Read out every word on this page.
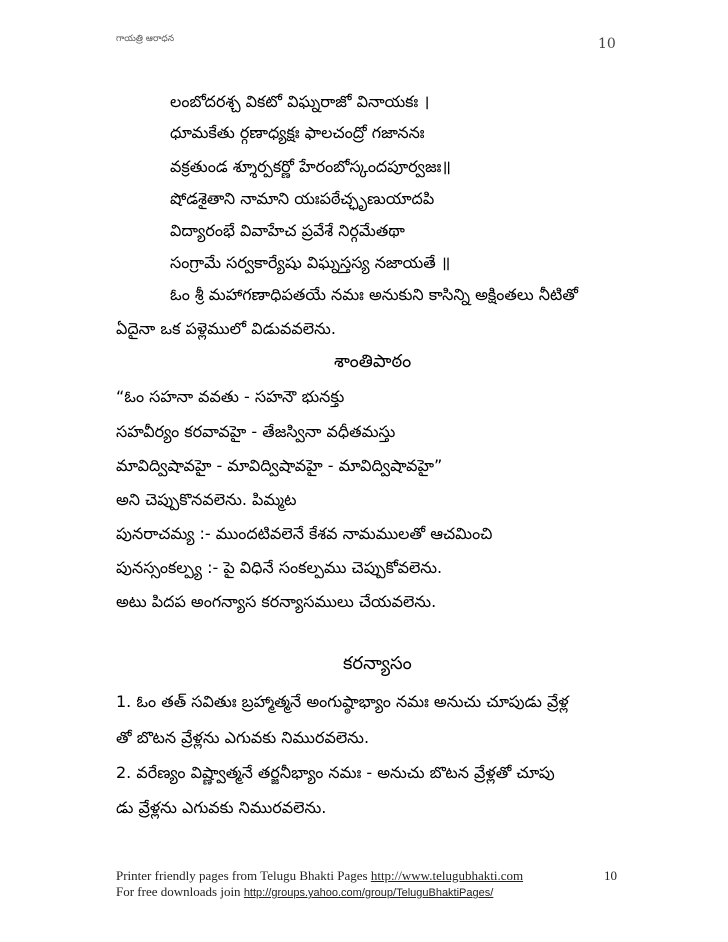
గాయత్రి ఆరాధన	10
లంబోదరశ్చ వికటో విఘ్నరాజో వినాయకః ।
ధూమకేతు ర్గణాధ్యక్షః ఫాలచంద్రో గజాననః
వక్రతుండ శ్శూర్పకర్ణో హేరంబోస్కందపూర్వజః॥
షోడశైతాని నామాని యఃపఠేచ్ఛృణుయాదపి
విద్యారంభే వివాహేచ ప్రవేశే నిర్గమేతథా
సంగ్రామే సర్వకార్యేషు విఘ్నస్తస్య నజాయతే ॥
ఓం శ్రీ మహాగణాధిపతయే నమః అనుకుని కాసిన్ని అక్షింతలు నీటితో
ఏదైనా ఒక పళ్లెములో విడువవలెను.
శాంతిపాఠం
“ఓం సహనా వవతు - సహనౌ భునక్తు
సహవీర్యం కరవావహై - తేజస్వినా వధీతమస్తు
మావిద్విషావహై - మావిద్విషావహై - మావిద్విషావహై”
అని చెప్పుకొనవలెను. పిమ్మట
పునరాచమ్య :- ముందటివలెనే కేశవ నామములతో ఆచమించి
పునస్సంకల్ప్య :- పై విధినే సంకల్పము చెప్పుకోవలెను.
అటు పిదప అంగన్యాస కరన్యాసములు చేయవలెను.
కరన్యాసం
1. ఓం తత్ సవితుః బ్రహ్మాత్మనే అంగుష్ఠాభ్యాం నమః అనుచు చూపుడు వ్రేళ్ల
తో బొటన వ్రేళ్లను ఎగువకు నిమురవలెను.
2. వరేణ్యం విష్ణ్వాత్మనే తర్జనీభ్యాం నమః - అనుచు బొటన వ్రేళ్లతో చూపు
డు వ్రేళ్లను ఎగువకు నిమురవలెను.
Printer friendly pages from Telugu Bhakti Pages http://www.telugubhakti.com	10
For free downloads join http://groups.yahoo.com/group/TeluguBhaktiPages/
